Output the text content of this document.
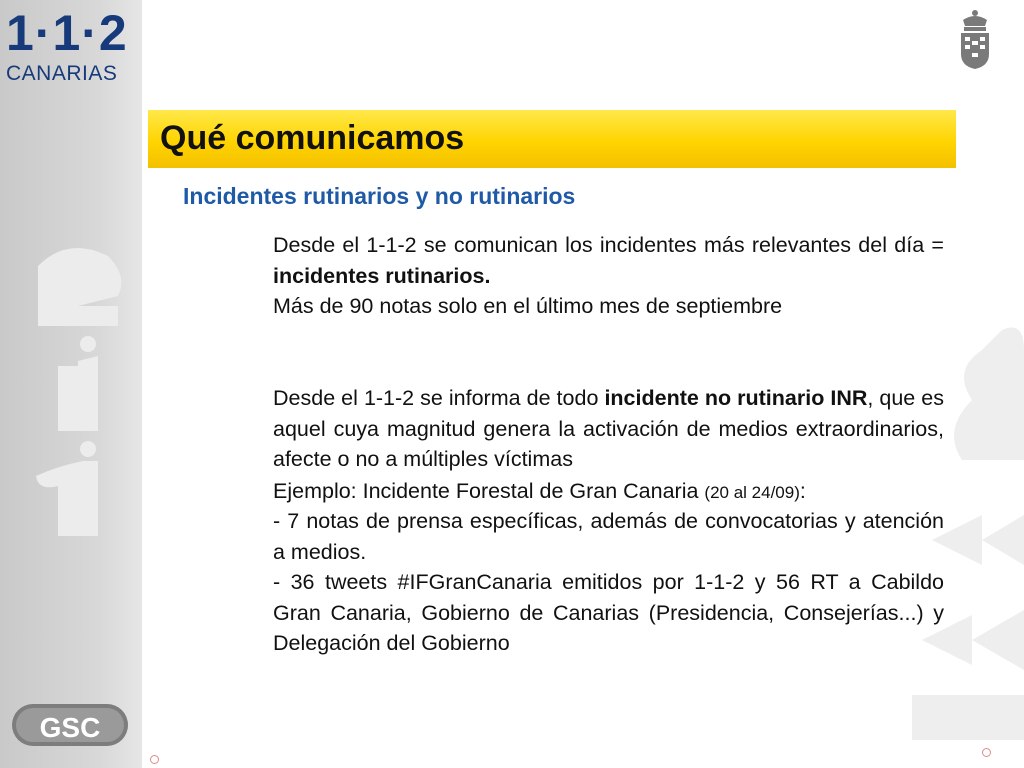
1·1·2
CANARIAS
GSC
Qué comunicamos
Incidentes rutinarios y no rutinarios
Desde el 1-1-2 se comunican los incidentes más relevantes del día = incidentes rutinarios.
Más de 90 notas solo en el último mes de septiembre
Desde el 1-1-2 se informa de todo incidente no rutinario INR, que es aquel cuya magnitud genera la activación de medios extraordinarios, afecte o no a múltiples víctimas
Ejemplo: Incidente Forestal de Gran Canaria (20 al 24/09):
- 7 notas de prensa específicas, además de convocatorias y atención a medios.
- 36 tweets #IFGranCanaria emitidos por 1-1-2 y 56 RT a Cabildo Gran Canaria, Gobierno de Canarias (Presidencia, Consejerías...) y Delegación del Gobierno
